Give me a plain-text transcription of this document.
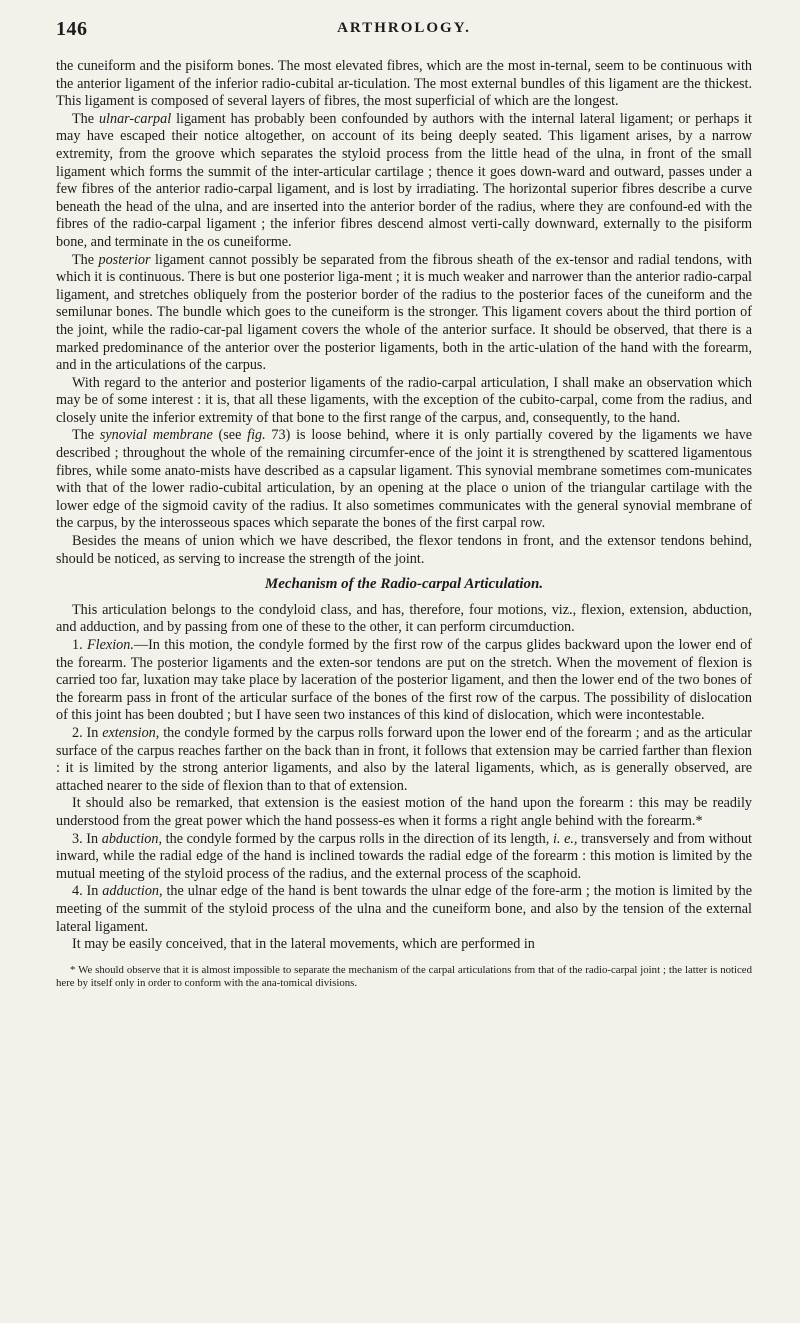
146	ARTHROLOGY.

the cuneiform and the pisiform bones. The most elevated fibres, which are the most in-ternal, seem to be continuous with the anterior ligament of the inferior radio-cubital ar-ticulation. The most external bundles of this ligament are the thickest. This ligament is composed of several layers of fibres, the most superficial of which are the longest.

The ulnar-carpal ligament has probably been confounded by authors with the internal lateral ligament; or perhaps it may have escaped their notice altogether, on account of its being deeply seated. This ligament arises, by a narrow extremity, from the groove which separates the styloid process from the little head of the ulna, in front of the small ligament which forms the summit of the inter-articular cartilage ; thence it goes down-ward and outward, passes under a few fibres of the anterior radio-carpal ligament, and is lost by irradiating. The horizontal superior fibres describe a curve beneath the head of the ulna, and are inserted into the anterior border of the radius, where they are confound-ed with the fibres of the radio-carpal ligament ; the inferior fibres descend almost verti-cally downward, externally to the pisiform bone, and terminate in the os cuneiforme.

The posterior ligament cannot possibly be separated from the fibrous sheath of the ex-tensor and radial tendons, with which it is continuous. There is but one posterior liga-ment ; it is much weaker and narrower than the anterior radio-carpal ligament, and stretches obliquely from the posterior border of the radius to the posterior faces of the cuneiform and the semilunar bones. The bundle which goes to the cuneiform is the stronger. This ligament covers about the third portion of the joint, while the radio-car-pal ligament covers the whole of the anterior surface. It should be observed, that there is a marked predominance of the anterior over the posterior ligaments, both in the artic-ulation of the hand with the forearm, and in the articulations of the carpus.

With regard to the anterior and posterior ligaments of the radio-carpal articulation, I shall make an observation which may be of some interest : it is, that all these ligaments, with the exception of the cubito-carpal, come from the radius, and closely unite the inferior extremity of that bone to the first range of the carpus, and, consequently, to the hand.

The synovial membrane (see fig. 73) is loose behind, where it is only partially covered by the ligaments we have described ; throughout the whole of the remaining circumfer-ence of the joint it is strengthened by scattered ligamentous fibres, while some anato-mists have described as a capsular ligament. This synovial membrane sometimes com-municates with that of the lower radio-cubital articulation, by an opening at the place o union of the triangular cartilage with the lower edge of the sigmoid cavity of the radius. It also sometimes communicates with the general synovial membrane of the carpus, by the interosseous spaces which separate the bones of the first carpal row.

Besides the means of union which we have described, the flexor tendons in front, and the extensor tendons behind, should be noticed, as serving to increase the strength of the joint.

Mechanism of the Radio-carpal Articulation.

This articulation belongs to the condyloid class, and has, therefore, four motions, viz., flexion, extension, abduction, and adduction, and by passing from one of these to the other, it can perform circumduction.

1. Flexion.—In this motion, the condyle formed by the first row of the carpus glides backward upon the lower end of the forearm. The posterior ligaments and the exten-sor tendons are put on the stretch. When the movement of flexion is carried too far, luxation may take place by laceration of the posterior ligament, and then the lower end of the two bones of the forearm pass in front of the articular surface of the bones of the first row of the carpus. The possibility of dislocation of this joint has been doubted ; but I have seen two instances of this kind of dislocation, which were incontestable.

2. In extension, the condyle formed by the carpus rolls forward upon the lower end of the forearm ; and as the articular surface of the carpus reaches farther on the back than in front, it follows that extension may be carried farther than flexion : it is limited by the strong anterior ligaments, and also by the lateral ligaments, which, as is generally observed, are attached nearer to the side of flexion than to that of extension.

It should also be remarked, that extension is the easiest motion of the hand upon the forearm : this may be readily understood from the great power which the hand possess-es when it forms a right angle behind with the forearm.*

3. In abduction, the condyle formed by the carpus rolls in the direction of its length, i. e., transversely and from without inward, while the radial edge of the hand is inclined towards the radial edge of the forearm : this motion is limited by the mutual meeting of the styloid process of the radius, and the external process of the scaphoid.

4. In adduction, the ulnar edge of the hand is bent towards the ulnar edge of the fore-arm ; the motion is limited by the meeting of the summit of the styloid process of the ulna and the cuneiform bone, and also by the tension of the external lateral ligament.

It may be easily conceived, that in the lateral movements, which are performed in

* We should observe that it is almost impossible to separate the mechanism of the carpal articulations from that of the radio-carpal joint ; the latter is noticed here by itself only in order to conform with the ana-tomical divisions.
